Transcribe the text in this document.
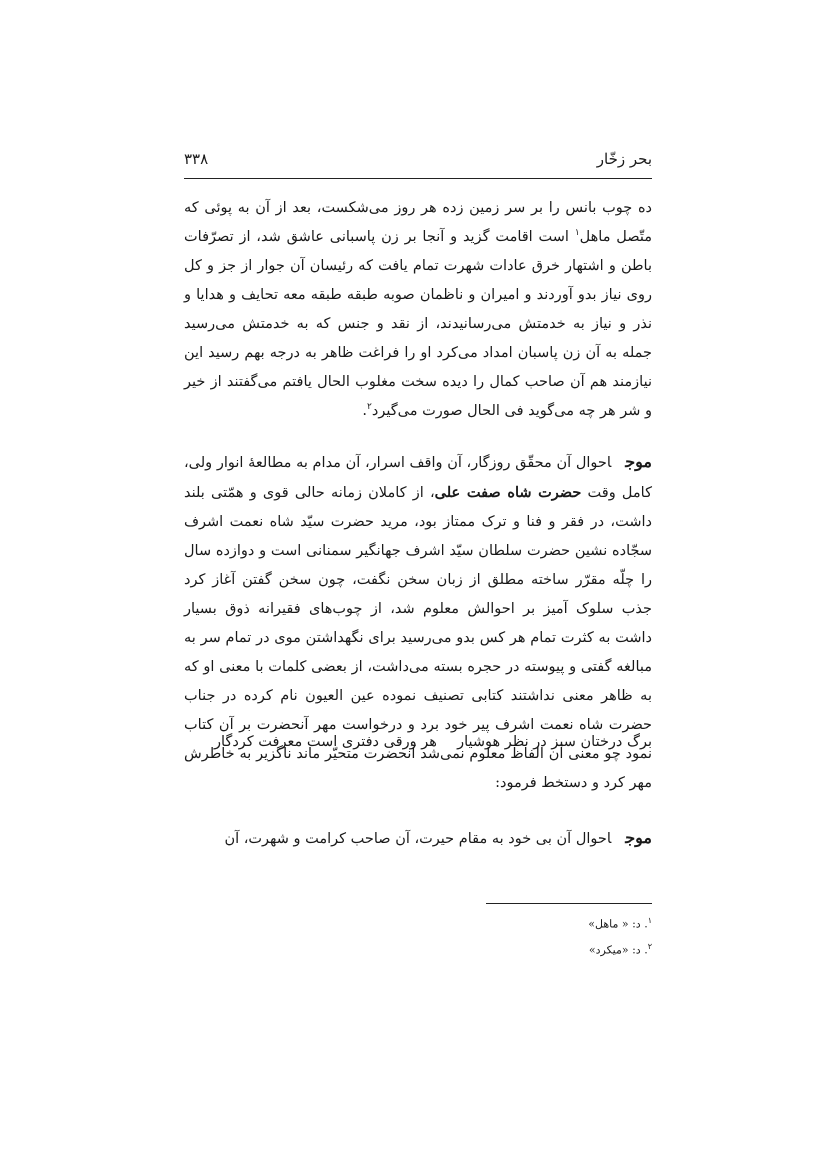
بحر زخّار
۳۳۸

ده چوب بانس را بر سر زمین زده هر روز می‌شکست، بعد از آن به پوئی که متّصل ماهل$^۱$ است اقامت گزید و آنجا بر زن پاسبانی عاشق شد، از تصرّفات باطن و اشتهار خرق عادات شهرت تمام یافت که رئیسان آن جوار از جز و کل روی نیاز بدو آوردند و امیران و ناظمان صوبه طبقه طبقه معه تحایف و هدایا و نذر و نیاز به خدمتش می‌رسانیدند، از نقد و جنس که به خدمتش می‌رسید جمله به آن زن پاسبان امداد می‌کرد او را فراغت ظاهر به درجه بهم رسید این نیازمند هم آن صاحب کمال را دیده سخت مغلوب الحال یافتم می‌گفتند از خیر و شر هر چه می‌گوید فی الحال صورت می‌گیرد$^۲$.

موجاحوال آن محقّق روزگار، آن واقف اسرار، آن مدام به مطالعۀ انوار ولی، کامل وقت حضرت شاه صفت علی، از کاملان زمانه حالی قوی و همّتی بلند داشت، در فقر و فنا و ترک ممتاز بود، مرید حضرت سیّد شاه نعمت اشرف سجّاده نشین حضرت سلطان سیّد اشرف جهانگیر سمنانی است و دوازده سال را چلّه مقرّر ساخته مطلق از زبان سخن نگفت، چون سخن گفتن آغاز کرد جذب سلوک آمیز بر احوالش معلوم شد، از چوب‌های فقیرانه ذوق بسیار داشت به کثرت تمام هر کس بدو می‌رسید برای نگهداشتن موی در تمام سر به مبالغه گفتی و پیوسته در حجره بسته می‌داشت، از بعضی کلمات با معنی او که به ظاهر معنی نداشتند کتابی تصنیف نموده عین العیون نام کرده در جناب حضرت شاه نعمت اشرف پیر خود برد و درخواست مهر آنحضرت بر آن کتاب نمود چو معنی آن الفاظ معلوم نمی‌شد آنحضرت متحیّر ماند ناگزیر به خاطرش مهر کرد و دستخط فرمود:

برگ درختان سبز در نظر هوشیار
هر ورقی دفتری است معرفت کردگار

موجاحوال آن بی خود به مقام حیرت، آن صاحب کرامت و شهرت، آن

$^۱$. د: « ماهل»
$^۲$. د: «میکرد»
